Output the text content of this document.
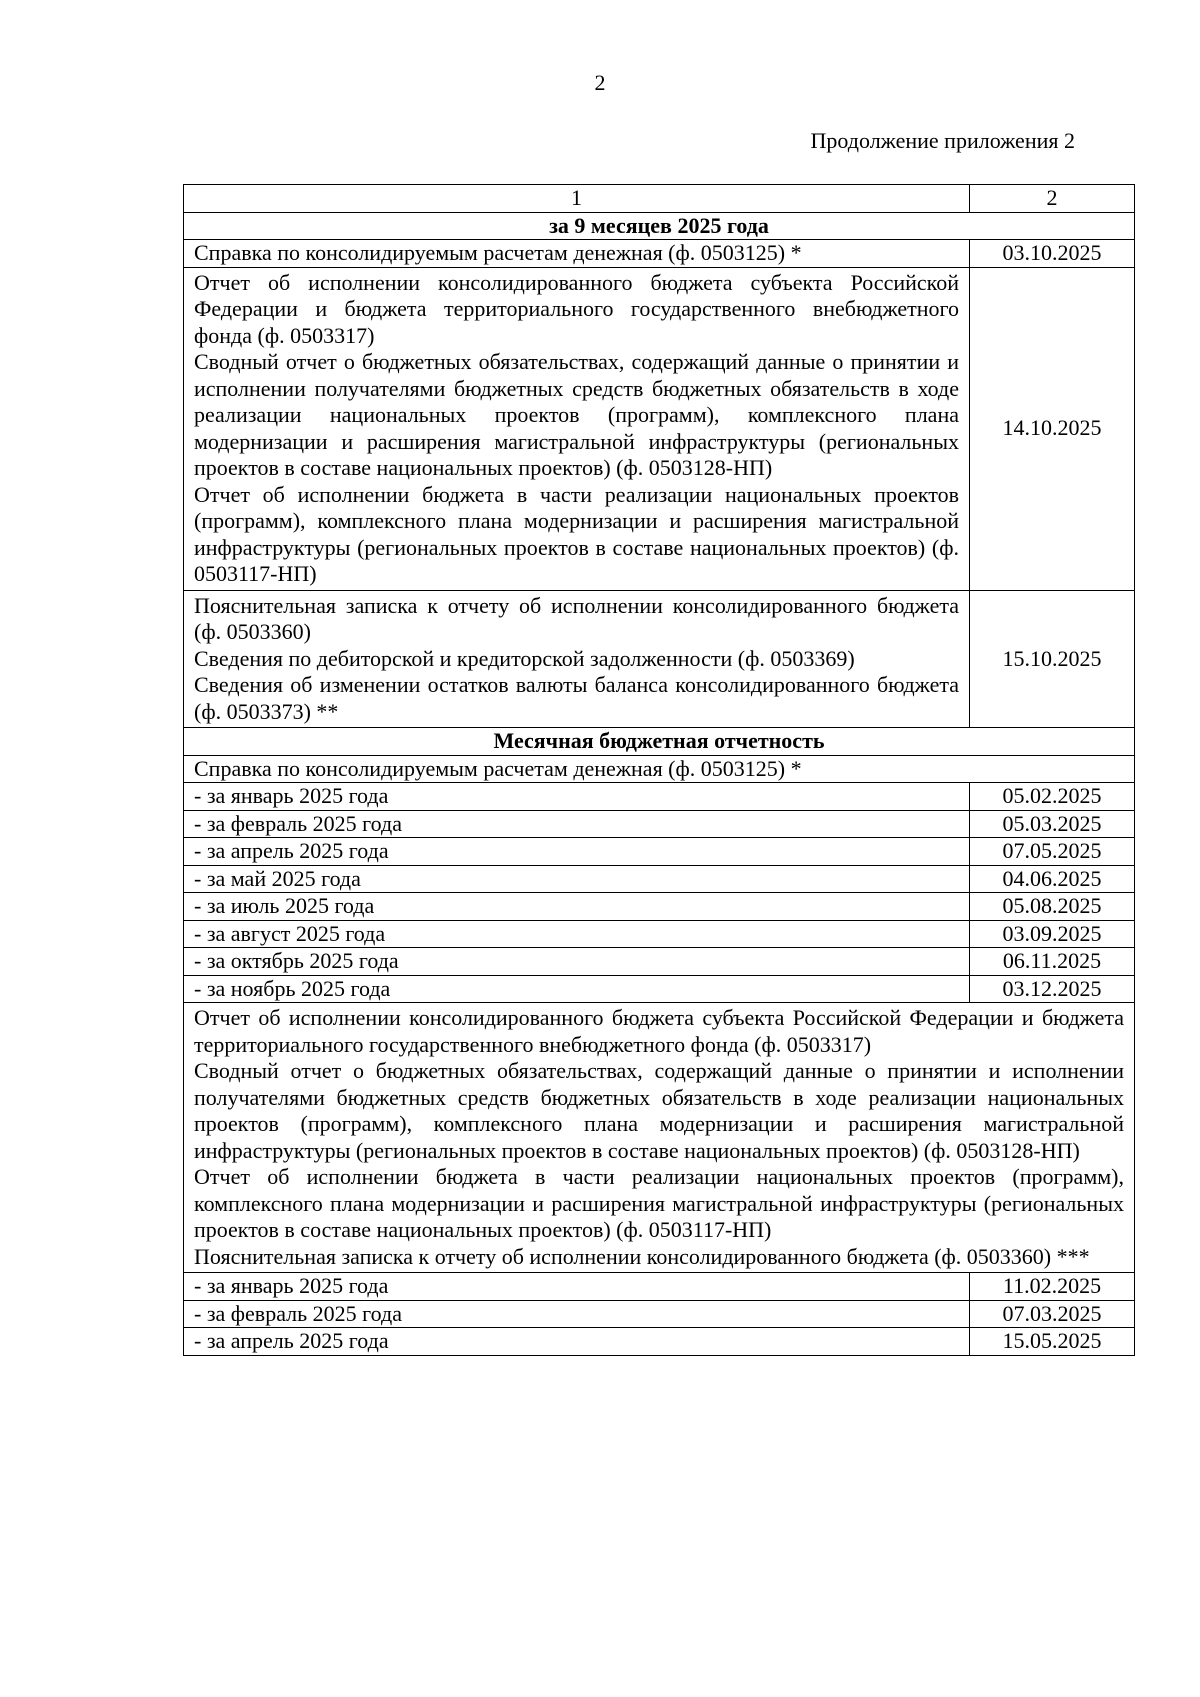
2
Продолжение приложения 2
1	2
за 9 месяцев 2025 года	
Справка по консолидируемым расчетам денежная (ф. 0503125) *	03.10.2025

Отчет об исполнении консолидированного бюджета субъекта Российской Федерации и бюджета территориального государственного внебюджетного фонда (ф. 0503317)
Сводный отчет о бюджетных обязательствах, содержащий данные о принятии и исполнении получателями бюджетных средств бюджетных обязательств в ходе реализации национальных проектов (программ), комплексного плана модернизации и расширения магистральной инфраструктуры (региональных проектов в составе национальных проектов) (ф. 0503128-НП)
Отчет об исполнении бюджета в части реализации национальных проектов (программ), комплексного плана модернизации и расширения магистральной инфраструктуры (региональных проектов в составе национальных проектов) (ф. 0503117-НП)	14.10.2025

Пояснительная записка к отчету об исполнении консолидированного бюджета (ф. 0503360)
Сведения по дебиторской и кредиторской задолженности (ф. 0503369)
Сведения об изменении остатков валюты баланса консолидированного бюджета (ф. 0503373) **	15.10.2025
Месячная бюджетная отчетность	
Справка по консолидируемым расчетам денежная (ф. 0503125) *	
- за январь 2025 года	05.02.2025
- за февраль 2025 года	05.03.2025
- за апрель 2025 года	07.05.2025
- за май 2025 года	04.06.2025
- за июль 2025 года	05.08.2025
- за август 2025 года	03.09.2025
- за октябрь 2025 года	06.11.2025
- за ноябрь 2025 года	03.12.2025

Отчет об исполнении консолидированного бюджета субъекта Российской Федерации и бюджета территориального государственного внебюджетного фонда (ф. 0503317)
Сводный отчет о бюджетных обязательствах, содержащий данные о принятии и исполнении получателями бюджетных средств бюджетных обязательств в ходе реализации национальных проектов (программ), комплексного плана модернизации и расширения магистральной инфраструктуры (региональных проектов в составе национальных проектов) (ф. 0503128-НП)
Отчет об исполнении бюджета в части реализации национальных проектов (программ), комплексного плана модернизации и расширения магистральной инфраструктуры (региональных проектов в составе национальных проектов) (ф. 0503117-НП)
Пояснительная записка к отчету об исполнении консолидированного бюджета (ф. 0503360) ***	

- за январь 2025 года	11.02.2025
- за февраль 2025 года	07.03.2025
- за апрель 2025 года	15.05.2025
